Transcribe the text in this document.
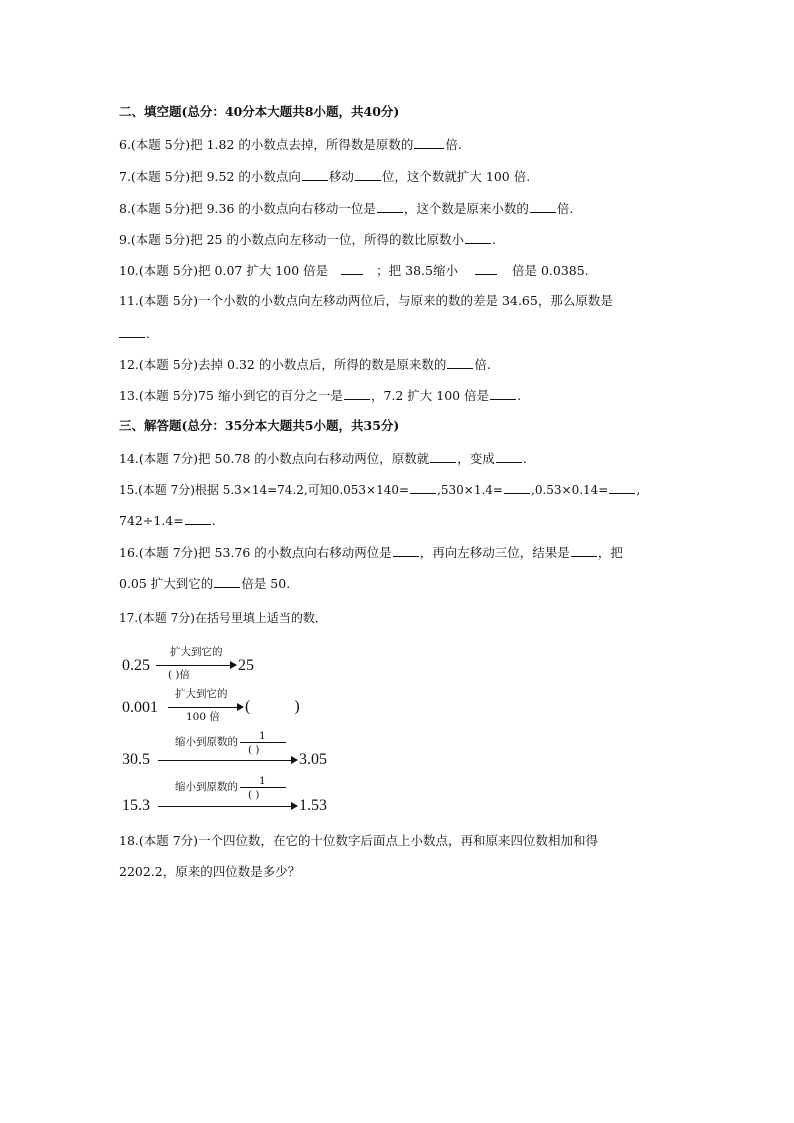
二、填空题(总分：40分本大题共8小题，共40分)
6.(本题 5分)把 1.82 的小数点去掉，所得数是原数的	倍.
7.(本题 5分)把 9.52 的小数点向 移动 位，这个数就扩大 100 倍.
8.(本题 5分)把 9.36 的小数点向右移动一位是 ，这个数是原来小数的 倍.
9.(本题 5分)把 25 的小数点向左移动一位，所得的数比原数小 .
10.(本题 5分)把 0.07 扩大 100 倍是	；把 38.5缩小	倍是 0.0385.
11.(本题 5分)一个小数的小数点向左移动两位后，与原来的数的差是 34.65，那么原数是
.
12.(本题 5分)去掉 0.32 的小数点后，所得的数是原来数的 倍.
13.(本题 5分)75 缩小到它的百分之一是 ，7.2 扩大 100 倍是 .
三、解答题(总分：35分本大题共5小题，共35分)
14.(本题 7分)把 50.78 的小数点向右移动两位，原数就 ，变成 .
15.(本题 7分)根据 5.3×14=74.2,可知0.053×140= ,530×1.4= ,0.53×0.14= ,
742÷1.4= .
16.(本题 7分)把 53.76 的小数点向右移动两位是 ，再向左移动三位，结果是 ，把
0.05 扩大到它的 倍是 50.
17.(本题 7分)在括号里填上适当的数．
0.25
扩大到它的
( )倍
25
0.001
扩大到它的
100 倍
(           )
缩小到原数的 1
( )
30.5	3.05
缩小到原数的 1
( )
15.3	1.53
18.(本题 7分)一个四位数，在它的十位数字后面点上小数点，再和原来四位数相加和得
2202.2，原来的四位数是多少？
